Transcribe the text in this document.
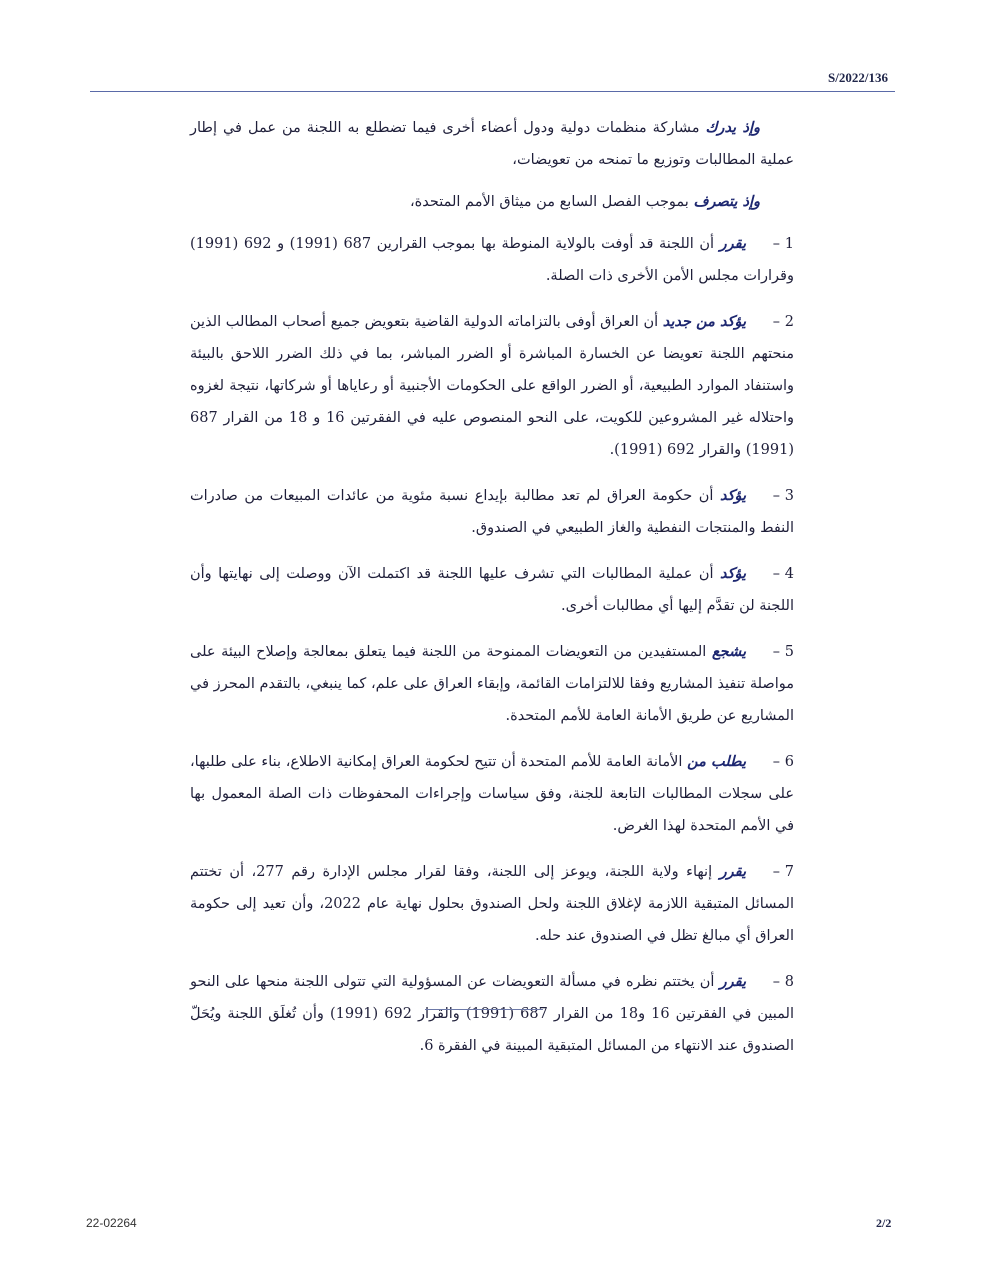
S/2022/136

وإذ يدرك مشاركة منظمات دولية ودول أعضاء أخرى فيما تضطلع به اللجنة من عمل في إطار عملية المطالبات وتوزيع ما تمنحه من تعويضات،

وإذ يتصرف بموجب الفصل السابع من ميثاق الأمم المتحدة،

1–يقرر أن اللجنة قد أوفت بالولاية المنوطة بها بموجب القرارين 687 (1991) و 692 (1991) وقرارات مجلس الأمن الأخرى ذات الصلة.

2–يؤكد من جديد أن العراق أوفى بالتزاماته الدولية القاضية بتعويض جميع أصحاب المطالب الذين منحتهم اللجنة تعويضا عن الخسارة المباشرة أو الضرر المباشر، بما في ذلك الضرر اللاحق بالبيئة واستنفاد الموارد الطبيعية، أو الضرر الواقع على الحكومات الأجنبية أو رعاياها أو شركاتها، نتيجة لغزوه واحتلاله غير المشروعين للكويت، على النحو المنصوص عليه في الفقرتين 16 و 18 من القرار 687 (1991) والقرار 692 (1991).

3–يؤكد أن حكومة العراق لم تعد مطالبة بإيداع نسبة مئوية من عائدات المبيعات من صادرات النفط والمنتجات النفطية والغاز الطبيعي في الصندوق.

4–يؤكد أن عملية المطالبات التي تشرف عليها اللجنة قد اكتملت الآن ووصلت إلى نهايتها وأن اللجنة لن تقدَّم إليها أي مطالبات أخرى.

5–يشجع المستفيدين من التعويضات الممنوحة من اللجنة فيما يتعلق بمعالجة وإصلاح البيئة على مواصلة تنفيذ المشاريع وفقا للالتزامات القائمة، وإبقاء العراق على علم، كما ينبغي، بالتقدم المحرز في المشاريع عن طريق الأمانة العامة للأمم المتحدة.

6–يطلب من الأمانة العامة للأمم المتحدة أن تتيح لحكومة العراق إمكانية الاطلاع، بناء على طلبها، على سجلات المطالبات التابعة للجنة، وفق سياسات وإجراءات المحفوظات ذات الصلة المعمول بها في الأمم المتحدة لهذا الغرض.

7–يقرر إنهاء ولاية اللجنة، ويوعز إلى اللجنة، وفقا لقرار مجلس الإدارة رقم 277، أن تختتم المسائل المتبقية اللازمة لإغلاق اللجنة ولحل الصندوق بحلول نهاية عام 2022، وأن تعيد إلى حكومة العراق أي مبالغ تظل في الصندوق عند حله.

8–يقرر أن يختتم نظره في مسألة التعويضات عن المسؤولية التي تتولى اللجنة منحها على النحو المبين في الفقرتين 16 و18 من القرار 687 (1991) والقرار 692 (1991) وأن تُغلَق اللجنة ويُحَلّ الصندوق عند الانتهاء من المسائل المتبقية المبينة في الفقرة 6.

22-02264	2/2
